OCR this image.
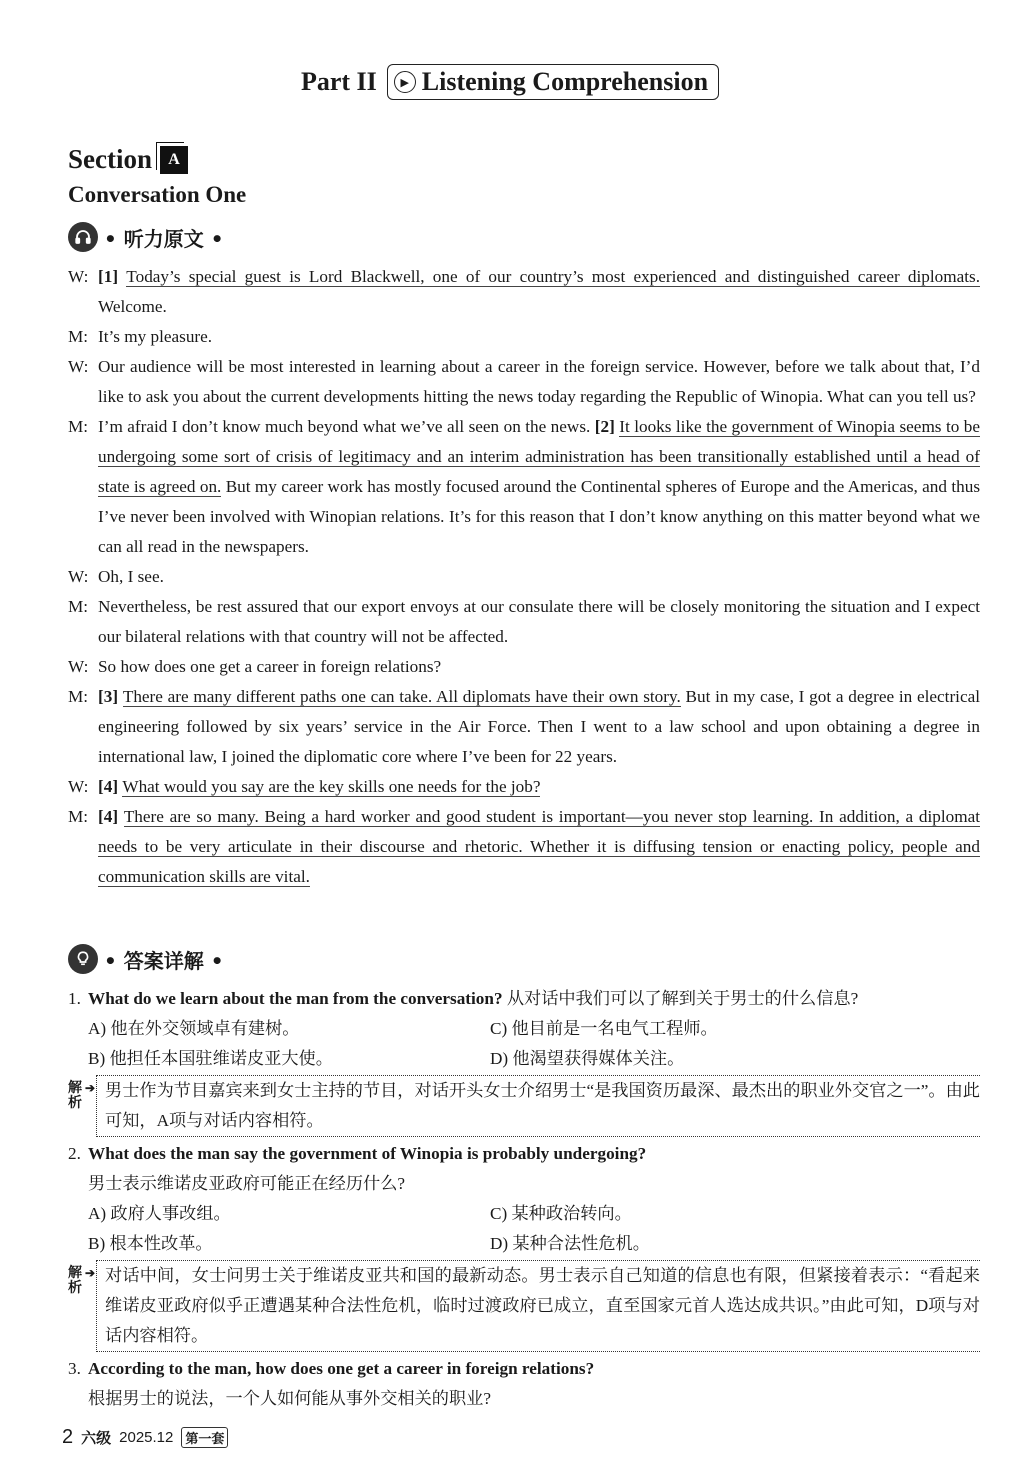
Part II	▶ Listening Comprehension
Section	A
Conversation One
• 听力原文 •
W: [1] Today’s special guest is Lord Blackwell, one of our country’s most experienced and distinguished career diplomats. Welcome.
M: It’s my pleasure.
W: Our audience will be most interested in learning about a career in the foreign service. However, before we talk about that, I’d like to ask you about the current developments hitting the news today regarding the Republic of Winopia. What can you tell us?
M: I’m afraid I don’t know much beyond what we’ve all seen on the news. [2] It looks like the government of Winopia seems to be undergoing some sort of crisis of legitimacy and an interim administration has been transitionally established until a head of state is agreed on. But my career work has mostly focused around the Continental spheres of Europe and the Americas, and thus I’ve never been involved with Winopian relations. It’s for this reason that I don’t know anything on this matter beyond what we can all read in the newspapers.
W: Oh, I see.
M: Nevertheless, be rest assured that our export envoys at our consulate there will be closely monitoring the situation and I expect our bilateral relations with that country will not be affected.
W: So how does one get a career in foreign relations?
M: [3] There are many different paths one can take. All diplomats have their own story. But in my case, I got a degree in electrical engineering followed by six years’ service in the Air Force. Then I went to a law school and upon obtaining a degree in international law, I joined the diplomatic core where I’ve been for 22 years.
W: [4] What would you say are the key skills one needs for the job?
M: [4] There are so many. Being a hard worker and good student is important—you never stop learning. In addition, a diplomat needs to be very articulate in their discourse and rhetoric. Whether it is diffusing tension or enacting policy, people and communication skills are vital.
• 答案详解 •
1. What do we learn about the man from the conversation? 从对话中我们可以了解到关于男士的什么信息?
A) 他在外交领域卓有建树。	C) 他目前是一名电气工程师。
B) 他担任本国驻维诺皮亚大使。	D) 他渴望获得媒体关注。
解
析
➔ 男士作为节目嘉宾来到女士主持的节目，对话开头女士介绍男士“是我国资历最深、最杰出的职业外交官之一”。由此可知，A项与对话内容相符。
2. What does the man say the government of Winopia is probably undergoing?
男士表示维诺皮亚政府可能正在经历什么?
A) 政府人事改组。	C) 某种政治转向。
B) 根本性改革。	D) 某种合法性危机。
解
析
➔ 对话中间，女士问男士关于维诺皮亚共和国的最新动态。男士表示自己知道的信息也有限，但紧接着表示：“看起来维诺皮亚政府似乎正遭遇某种合法性危机，临时过渡政府已成立，直至国家元首人选达成共识。”由此可知，D项与对话内容相符。
3. According to the man, how does one get a career in foreign relations?
根据男士的说法，一个人如何能从事外交相关的职业?
2 六级 2025.12 第一套
